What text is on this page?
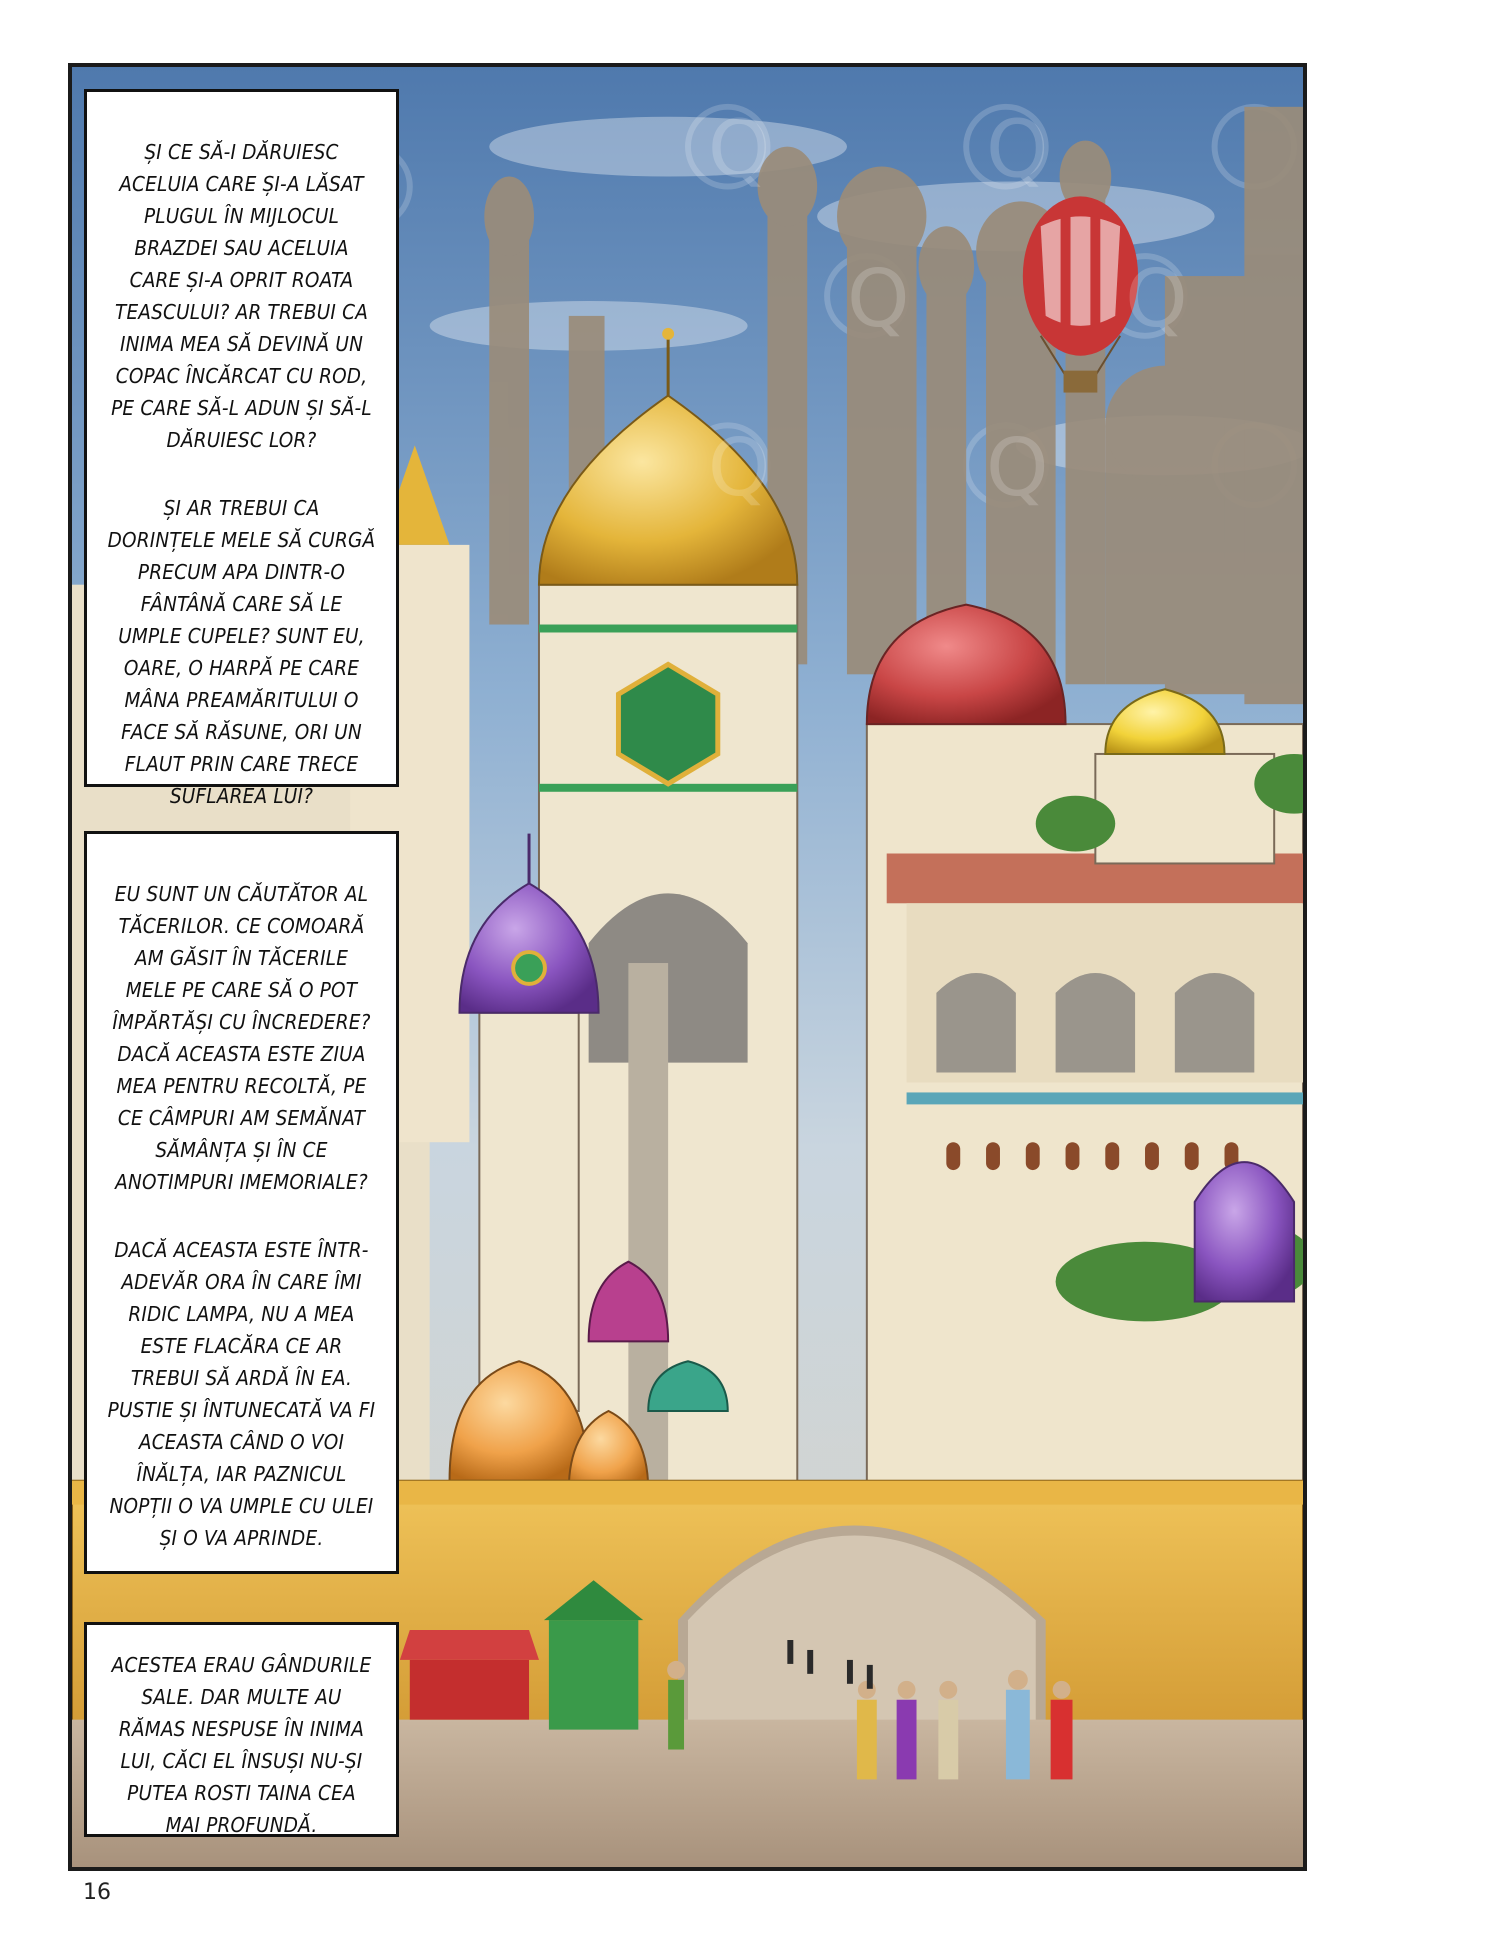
Q	Q
Q	Q
Q	Q

ȘI CE SĂ-I DĂRUIESC ACELUIA CARE ȘI-A LĂSAT PLUGUL ÎN MIJLOCUL BRAZDEI SAU ACELUIA CARE ȘI-A OPRIT ROATA TEASCULUI? AR TREBUI CA INIMA MEA SĂ DEVINĂ UN COPAC ÎNCĂRCAT CU ROD, PE CARE SĂ-L ADUN ȘI SĂ-L DĂRUIESC LOR?

ȘI AR TREBUI CA DORINȚELE MELE SĂ CURGĂ PRECUM APA DINTR-O FÂNTÂNĂ CARE SĂ LE UMPLE CUPELE? SUNT EU, OARE, O HARPĂ PE CARE MÂNA PREAMĂRITULUI O FACE SĂ RĂSUNE, ORI UN FLAUT PRIN CARE TRECE SUFLAREA LUI?

EU SUNT UN CĂUTĂTOR AL TĂCERILOR. CE COMOARĂ AM GĂSIT ÎN TĂCERILE MELE PE CARE SĂ O POT ÎMPĂRTĂȘI CU ÎNCREDERE? DACĂ ACEASTA ESTE ZIUA MEA PENTRU RECOLTĂ, PE CE CÂMPURI AM SEMĂNAT SĂMÂNȚA ȘI ÎN CE ANOTIMPURI IMEMORIALE?

DACĂ ACEASTA ESTE ÎNTR-ADEVĂR ORA ÎN CARE ÎMI RIDIC LAMPA, NU A MEA ESTE FLACĂRA CE AR TREBUI SĂ ARDĂ ÎN EA. PUSTIE ȘI ÎNTUNECATĂ VA FI ACEASTA CÂND O VOI ÎNĂLȚA, IAR PAZNICUL NOPȚII O VA UMPLE CU ULEI ȘI O VA APRINDE.

ACESTEA ERAU GÂNDURILE SALE. DAR MULTE AU RĂMAS NESPUSE ÎN INIMA LUI, CĂCI EL ÎNSUȘI NU-ȘI PUTEA ROSTI TAINA CEA MAI PROFUNDĂ.

16
